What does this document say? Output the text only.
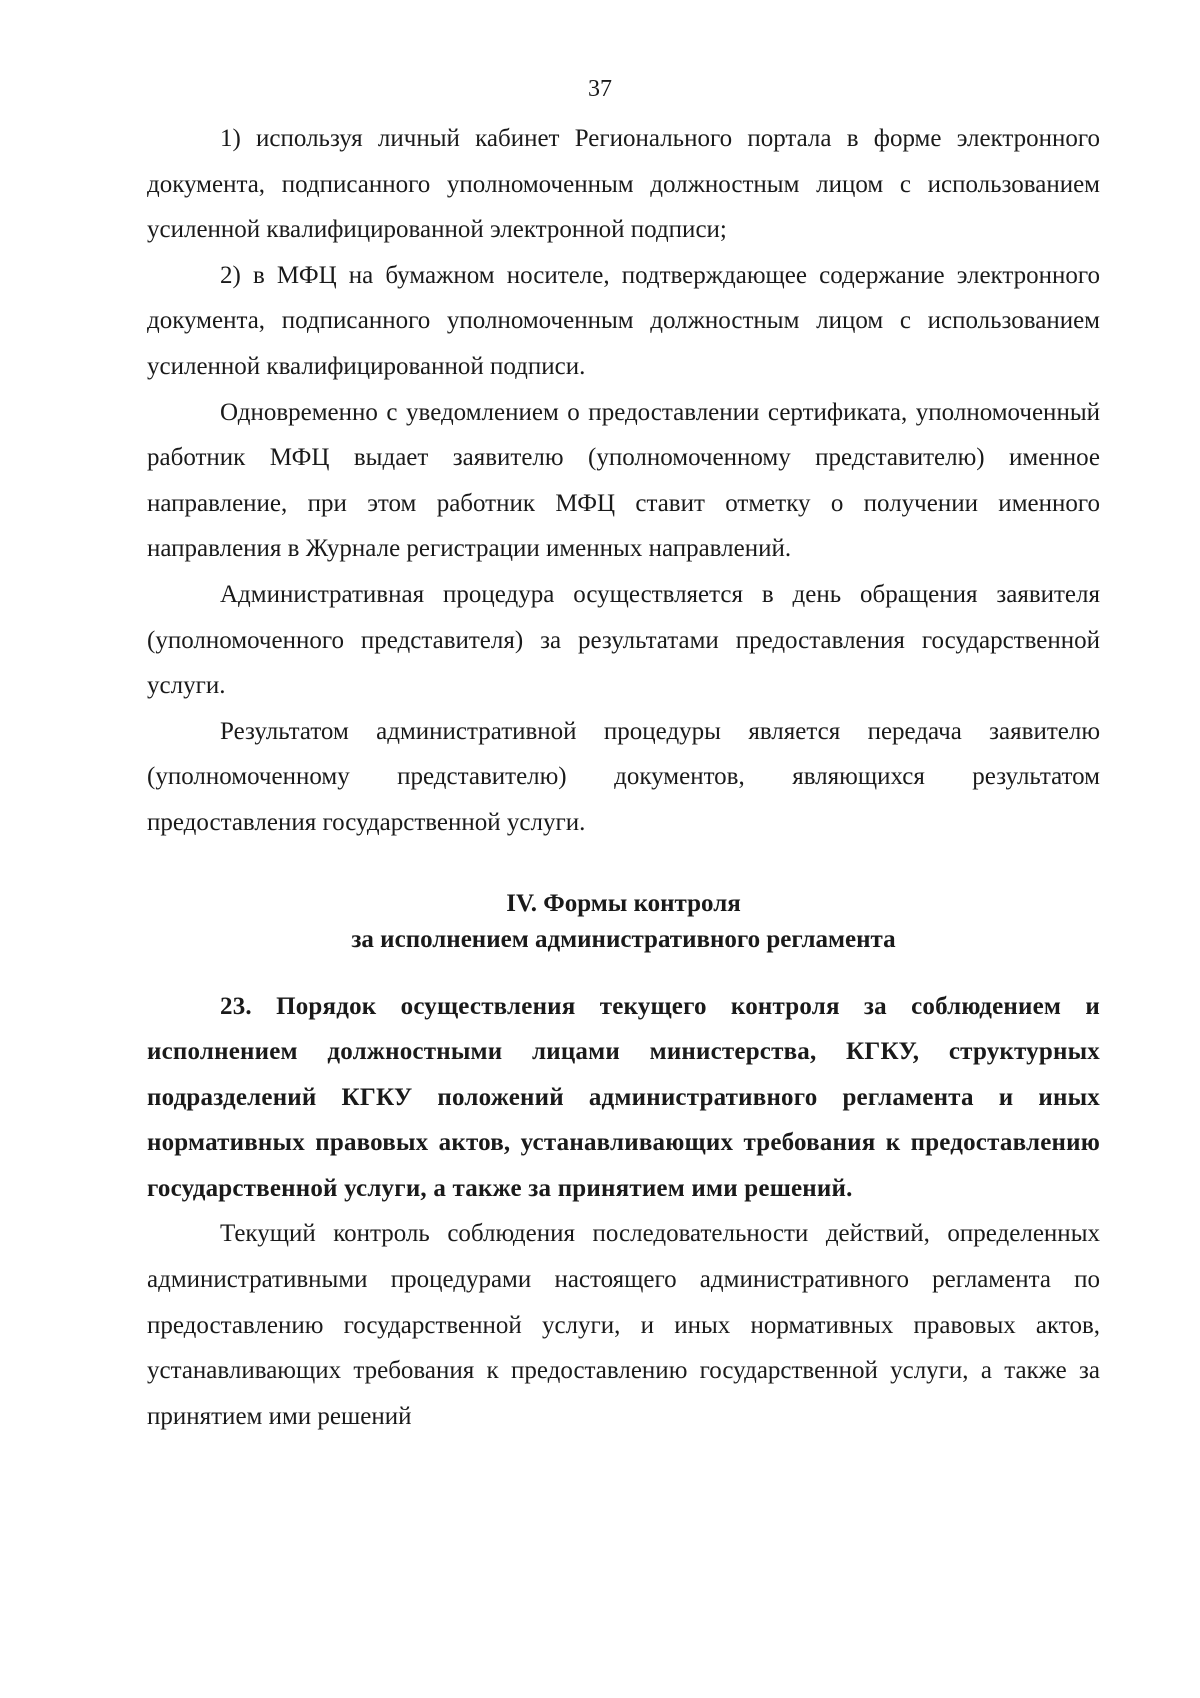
37

1) используя личный кабинет Регионального портала в форме электронного документа, подписанного уполномоченным должностным лицом с использованием усиленной квалифицированной электронной подписи;

2) в МФЦ на бумажном носителе, подтверждающее содержание электронного документа, подписанного уполномоченным должностным лицом с использованием усиленной квалифицированной подписи.

Одновременно с уведомлением о предоставлении сертификата, уполномоченный работник МФЦ выдает заявителю (уполномоченному представителю) именное направление, при этом работник МФЦ ставит отметку о получении именного направления в Журнале регистрации именных направлений.

Административная процедура осуществляется в день обращения заявителя (уполномоченного представителя) за результатами предоставления государственной услуги.

Результатом административной процедуры является передача заявителю (уполномоченному представителю) документов, являющихся результатом предоставления государственной услуги.

IV. Формы контроля
за исполнением административного регламента

23. Порядок осуществления текущего контроля за соблюдением и исполнением должностными лицами министерства, КГКУ, структурных подразделений КГКУ положений административного регламента и иных нормативных правовых актов, устанавливающих требования к предоставлению государственной услуги, а также за принятием ими решений.

Текущий контроль соблюдения последовательности действий, определенных административными процедурами настоящего административного регламента по предоставлению государственной услуги, и иных нормативных правовых актов, устанавливающих требования к предоставлению государственной услуги, а также за принятием ими решений
